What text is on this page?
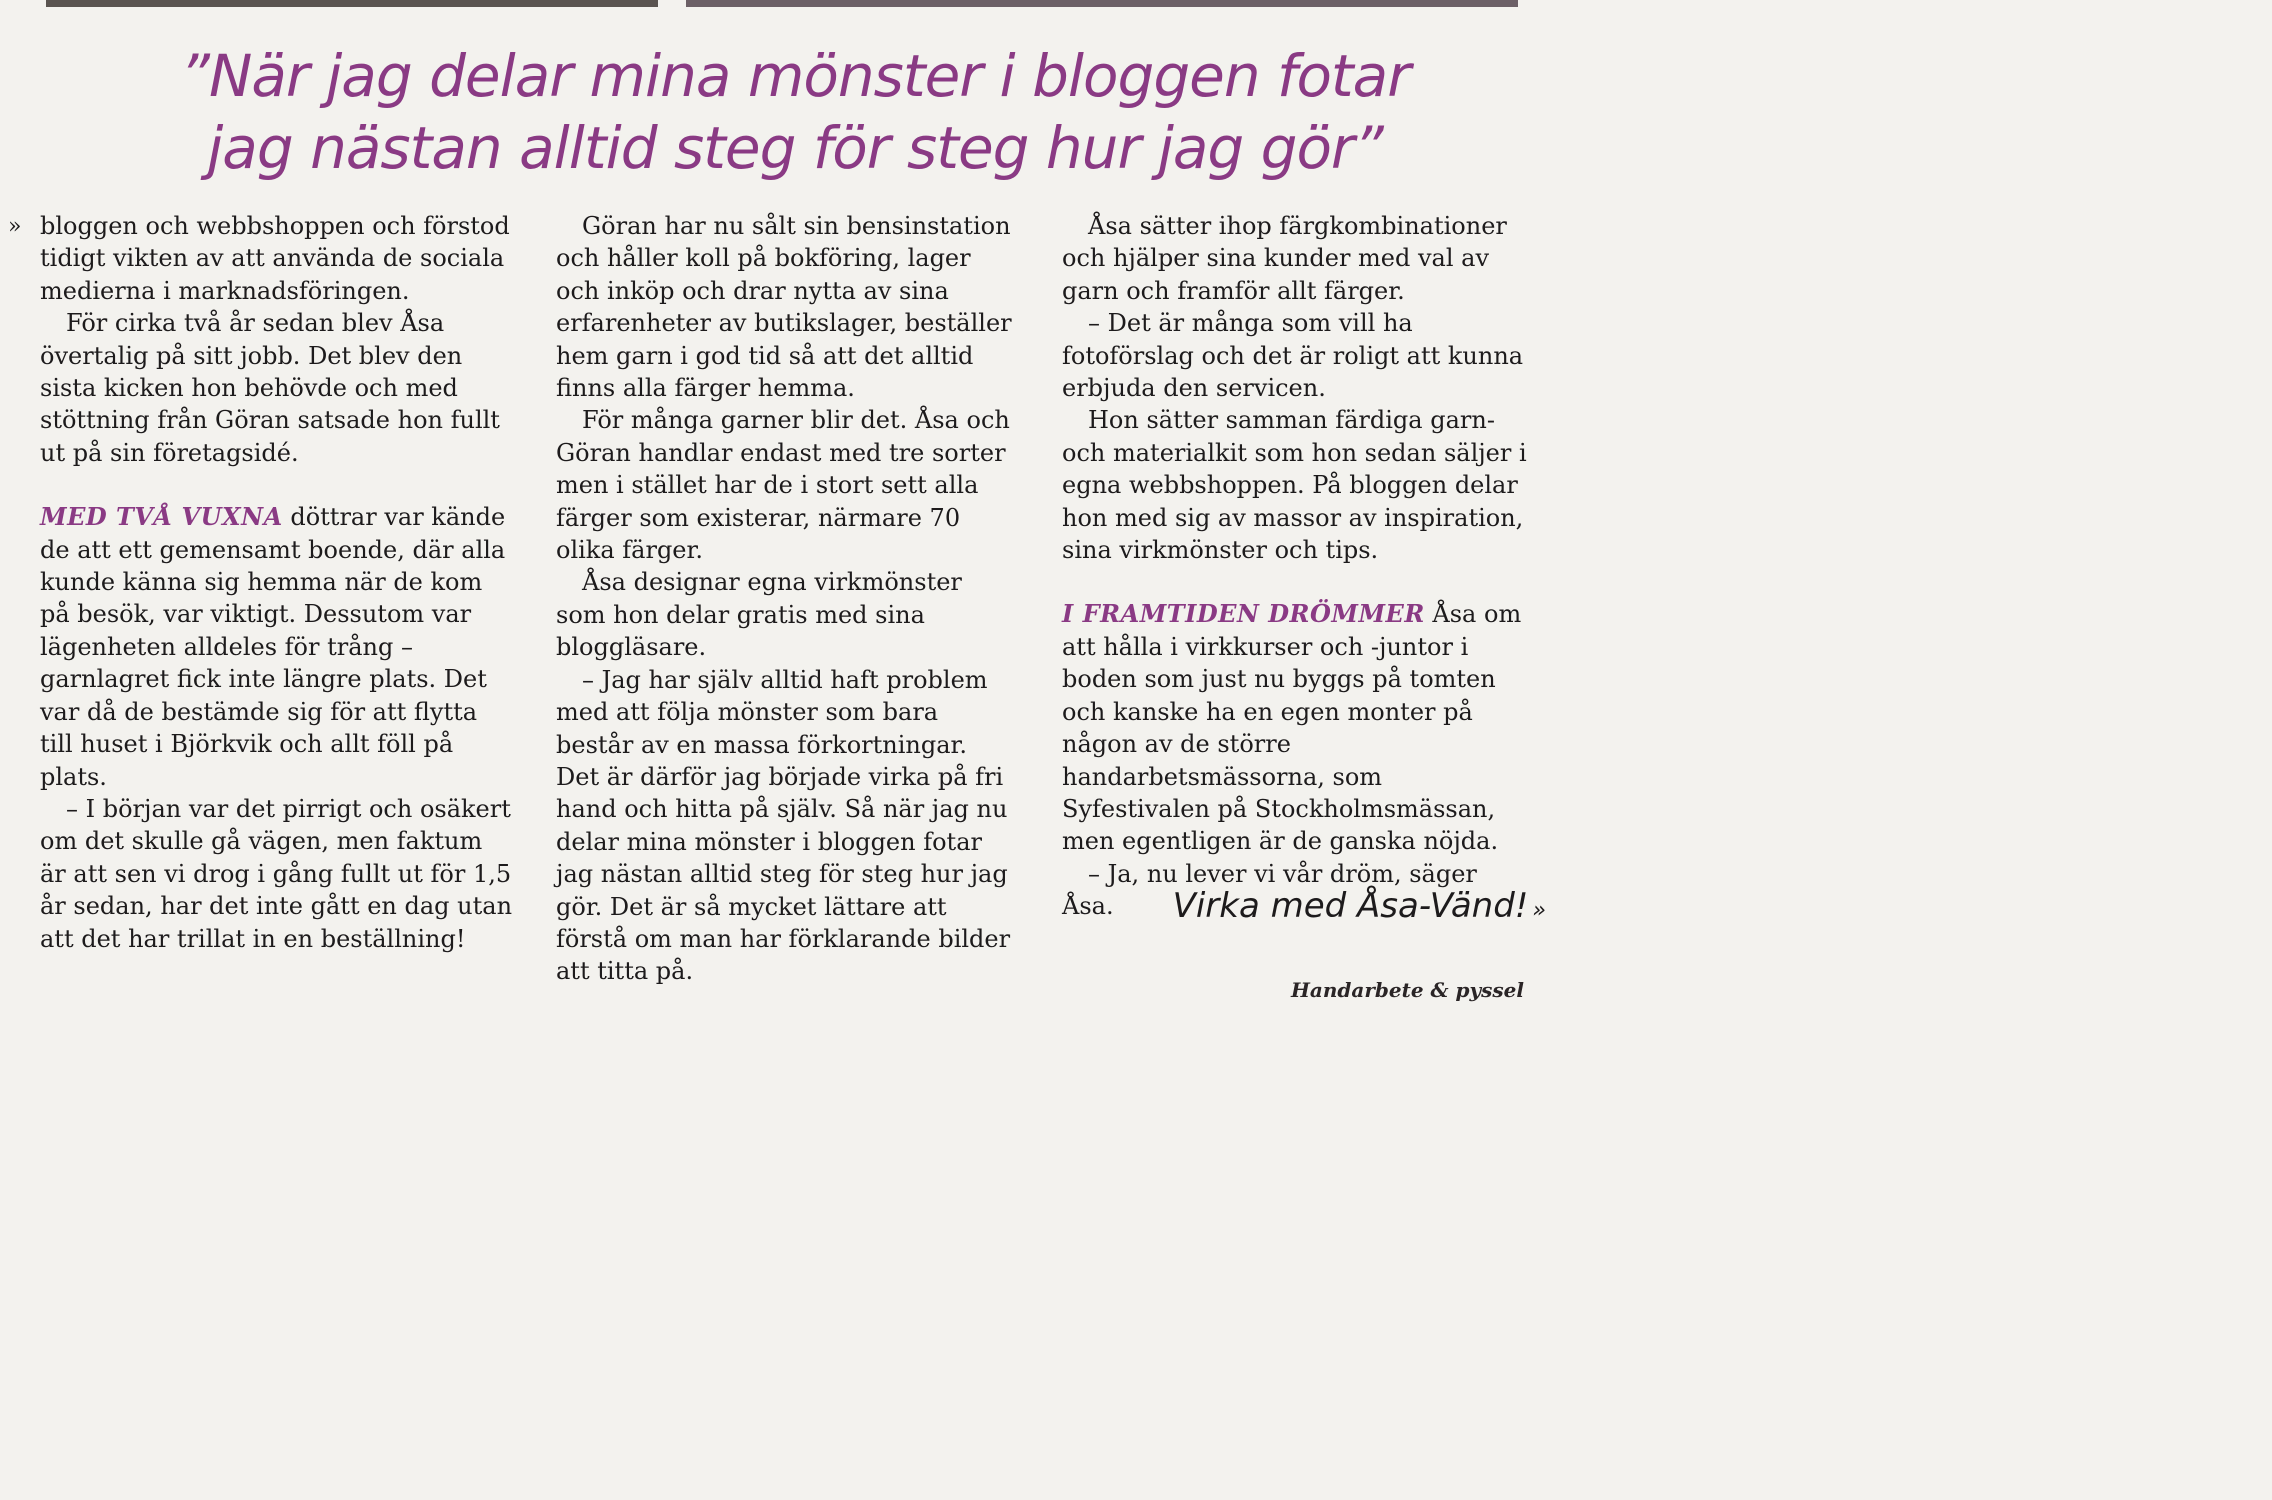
”När jag delar mina mönster i bloggen fotar
jag nästan alltid steg för steg hur jag gör”
» bloggen och webbshoppen och förstod tidigt vikten av att använda de sociala medierna i marknadsföringen.

För cirka två år sedan blev Åsa övertalig på sitt jobb. Det blev den sista kicken hon behövde och med stöttning från Göran satsade hon fullt ut på sin företagsidé.

MED TVÅ VUXNA döttrar var kände de att ett gemensamt boende, där alla kunde känna sig hemma när de kom på besök, var viktigt. Dessutom var lägenheten alldeles för trång – garnlagret fick inte längre plats. Det var då de bestämde sig för att flytta till huset i Björkvik och allt föll på plats.

– I början var det pirrigt och osäkert om det skulle gå vägen, men faktum är att sen vi drog i gång fullt ut för 1,5 år sedan, har det inte gått en dag utan att det har trillat in en beställning!

Göran har nu sålt sin bensinstation och håller koll på bokföring, lager och inköp och drar nytta av sina erfarenheter av butikslager, beställer hem garn i god tid så att det alltid finns alla färger hemma.

För många garner blir det. Åsa och Göran handlar endast med tre sorter men i stället har de i stort sett alla färger som existerar, närmare 70 olika färger.

Åsa designar egna virkmönster som hon delar gratis med sina bloggläsare.

– Jag har själv alltid haft problem med att följa mönster som bara består av en massa förkortningar. Det är därför jag började virka på fri hand och hitta på själv. Så när jag nu delar mina mönster i bloggen fotar jag nästan alltid steg för steg hur jag gör. Det är så mycket lättare att förstå om man har förklarande bilder att titta på.

Åsa sätter ihop färgkombinationer och hjälper sina kunder med val av garn och framför allt färger.

– Det är många som vill ha fotoförslag och det är roligt att kunna erbjuda den servicen.

Hon sätter samman färdiga garn- och materialkit som hon sedan säljer i egna webbshoppen. På bloggen delar hon med sig av massor av inspiration, sina virkmönster och tips.

I FRAMTIDEN DRÖMMER Åsa om att hålla i virkkurser och -juntor i boden som just nu byggs på tomten och kanske ha en egen monter på någon av de större handarbetsmässorna, som Syfestivalen på Stockholmsmässan, men egentligen är de ganska nöjda.

– Ja, nu lever vi vår dröm, säger Åsa.	Virka med Åsa-Vänd! »
Handarbete & pyssel
